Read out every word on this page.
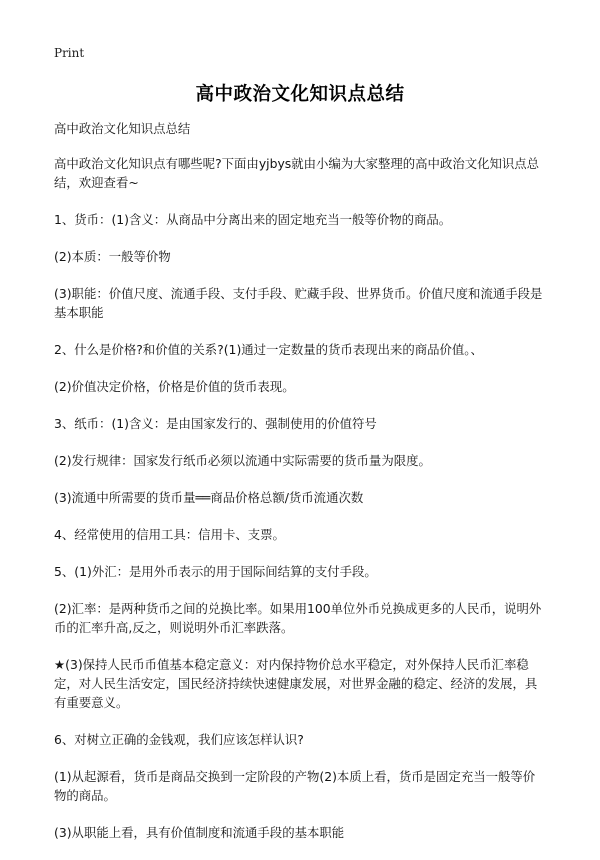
Print
高中政治文化知识点总结

高中政治文化知识点总结

高中政治文化知识点有哪些呢?下面由yjbys就由小编为大家整理的高中政治文化知识点总结，欢迎查看~

1、货币：(1)含义：从商品中分离出来的固定地充当一般等价物的商品。

(2)本质：一般等价物

(3)职能：价值尺度、流通手段、支付手段、贮藏手段、世界货币。价值尺度和流通手段是基本职能

2、什么是价格?和价值的关系?(1)通过一定数量的货币表现出来的商品价值。、

(2)价值决定价格，价格是价值的货币表现。

3、纸币：(1)含义：是由国家发行的、强制使用的价值符号

(2)发行规律：国家发行纸币必须以流通中实际需要的货币量为限度。

(3)流通中所需要的货币量══商品价格总额/货币流通次数

4、经常使用的信用工具：信用卡、支票。

5、(1)外汇：是用外币表示的用于国际间结算的支付手段。

(2)汇率：是两种货币之间的兑换比率。如果用100单位外币兑换成更多的人民币，说明外币的汇率升高,反之，则说明外币汇率跌落。

★(3)保持人民币币值基本稳定意义：对内保持物价总水平稳定，对外保持人民币汇率稳定，对人民生活安定，国民经济持续快速健康发展，对世界金融的稳定、经济的发展，具有重要意义。

6、对树立正确的金钱观，我们应该怎样认识?

(1)从起源看，货币是商品交换到一定阶段的产物(2)本质上看，货币是固定充当一般等价物的商品。

(3)从职能上看，具有价值制度和流通手段的基本职能
